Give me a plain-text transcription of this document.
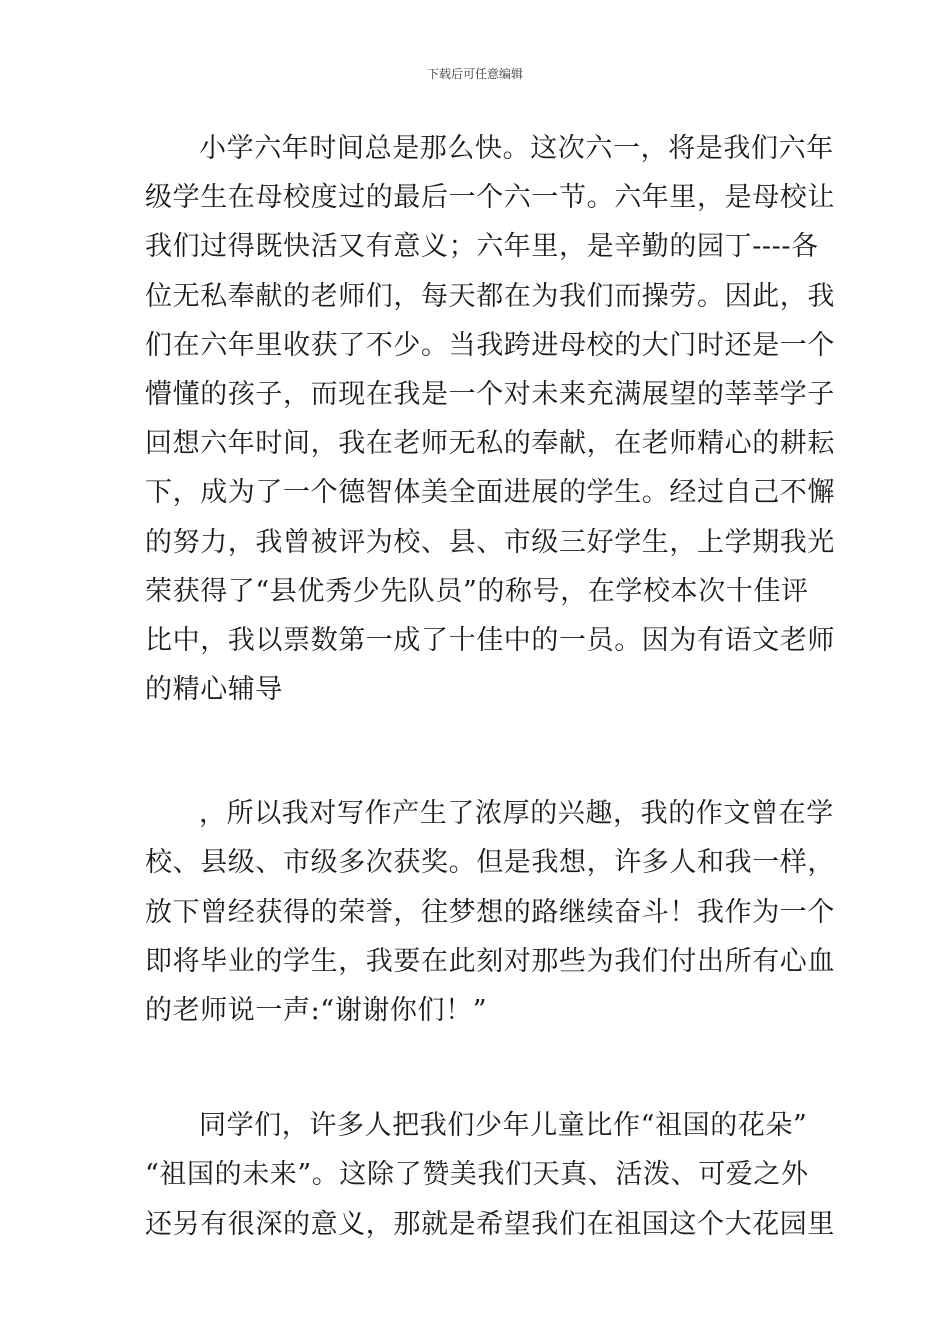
下载后可任意编辑
小学六年时间总是那么快。这次六一，将是我们六年
级学生在母校度过的最后一个六一节。六年里，是母校让
我们过得既快活又有意义；六年里，是辛勤的园丁----各
位无私奉献的老师们，每天都在为我们而操劳。因此，我
们在六年里收获了不少。当我跨进母校的大门时还是一个
懵懂的孩子，而现在我是一个对未来充满展望的莘莘学子
回想六年时间，我在老师无私的奉献，在老师精心的耕耘
下，成为了一个德智体美全面进展的学生。经过自己不懈
的努力，我曾被评为校、县、市级三好学生，上学期我光
荣获得了“县优秀少先队员”的称号，在学校本次十佳评
比中，我以票数第一成了十佳中的一员。因为有语文老师
的精心辅导
，所以我对写作产生了浓厚的兴趣，我的作文曾在学
校、县级、市级多次获奖。但是我想，许多人和我一样，
放下曾经获得的荣誉，往梦想的路继续奋斗！我作为一个
即将毕业的学生，我要在此刻对那些为我们付出所有心血
的老师说一声:“谢谢你们！”
同学们，许多人把我们少年儿童比作“祖国的花朵”
“祖国的未来”。这除了赞美我们天真、活泼、可爱之外
还另有很深的意义，那就是希望我们在祖国这个大花园里
